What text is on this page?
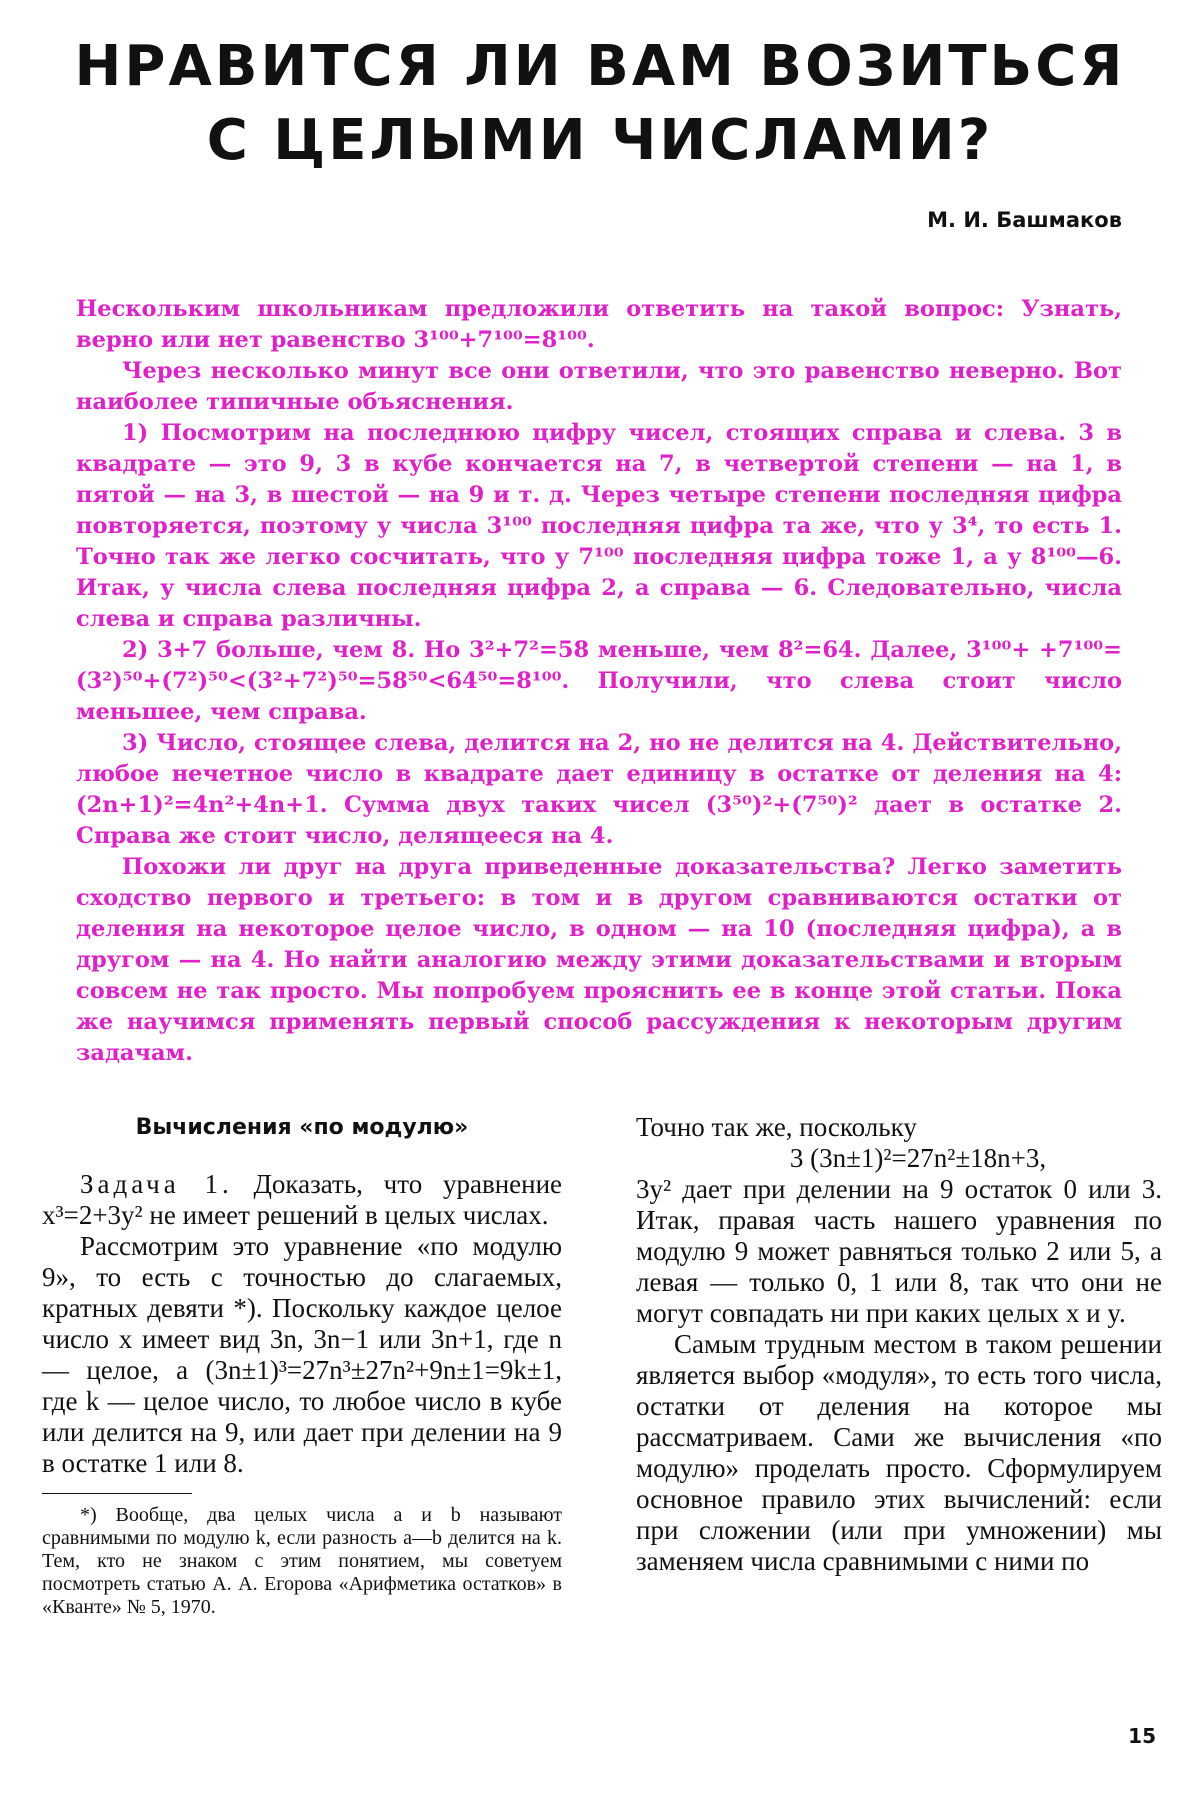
НРАВИТСЯ ЛИ ВАМ ВОЗИТЬСЯ
С ЦЕЛЫМИ ЧИСЛАМИ?
М. И. Башмаков

Нескольким школьникам предложили ответить на такой вопрос: Узнать, верно или нет равенство 3¹⁰⁰+7¹⁰⁰=8¹⁰⁰.

Через несколько минут все они ответили, что это равенство неверно. Вот наиболее типичные объяснения.

1) Посмотрим на последнюю цифру чисел, стоящих справа и слева. 3 в квадрате — это 9, 3 в кубе кончается на 7, в четвертой степени — на 1, в пятой — на 3, в шестой — на 9 и т. д. Через четыре степени последняя цифра повторяется, поэтому у числа 3¹⁰⁰ последняя цифра та же, что у 3⁴, то есть 1. Точно так же легко сосчитать, что у 7¹⁰⁰ последняя цифра тоже 1, а у 8¹⁰⁰—6. Итак, у числа слева последняя цифра 2, а справа — 6. Следовательно, числа слева и справа различны.

2) 3+7 больше, чем 8. Но 3²+7²=58 меньше, чем 8²=64. Далее, 3¹⁰⁰+ +7¹⁰⁰=(3²)⁵⁰+(7²)⁵⁰<(3²+7²)⁵⁰=58⁵⁰<64⁵⁰=8¹⁰⁰. Получили, что слева стоит число меньшее, чем справа.

3) Число, стоящее слева, делится на 2, но не делится на 4. Действительно, любое нечетное число в квадрате дает единицу в остатке от деления на 4: (2n+1)²=4n²+4n+1. Сумма двух таких чисел (3⁵⁰)²+(7⁵⁰)² дает в остатке 2. Справа же стоит число, делящееся на 4.

Похожи ли друг на друга приведенные доказательства? Легко заметить сходство первого и третьего: в том и в другом сравниваются остатки от деления на некоторое целое число, в одном — на 10 (последняя цифра), а в другом — на 4. Но найти аналогию между этими доказательствами и вторым совсем не так просто. Мы попробуем прояснить ее в конце этой статьи. Пока же научимся применять первый способ рассуждения к некоторым другим задачам.

Вычисления «по модулю»

Задача 1. Доказать, что уравнение x³=2+3y² не имеет решений в целых числах.

Рассмотрим это уравнение «по модулю 9», то есть с точностью до слагаемых, кратных девяти *). Поскольку каждое целое число x имеет вид 3n, 3n−1 или 3n+1, где n — целое, а (3n±1)³=27n³±27n²+9n±1=9k±1, где k — целое число, то любое число в кубе или делится на 9, или дает при делении на 9 в остатке 1 или 8.

*) Вообще, два целых числа a и b называют сравнимыми по модулю k, если разность a—b делится на k. Тем, кто не знаком с этим понятием, мы советуем посмотреть статью А. А. Егорова «Арифметика остатков» в «Кванте» № 5, 1970.

Точно так же, поскольку

3 (3n±1)²=27n²±18n+3,

3y² дает при делении на 9 остаток 0 или 3. Итак, правая часть нашего уравнения по модулю 9 может равняться только 2 или 5, а левая — только 0, 1 или 8, так что они не могут совпадать ни при каких целых x и y.

Самым трудным местом в таком решении является выбор «модуля», то есть того числа, остатки от деления на которое мы рассматриваем. Сами же вычисления «по модулю» проделать просто. Сформулируем основное правило этих вычислений: если при сложении (или при умножении) мы заменяем числа сравнимыми с ними по

15
